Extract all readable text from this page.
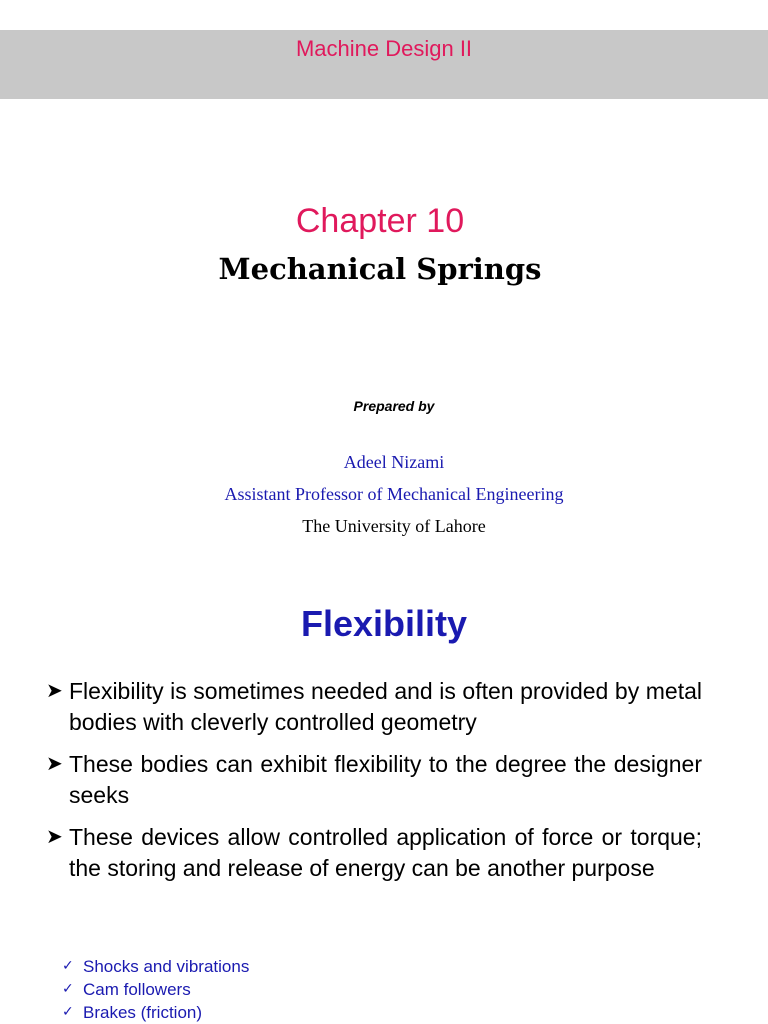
Machine Design II
Chapter 10
Mechanical Springs
Prepared by
Adeel Nizami
Assistant Professor of Mechanical Engineering
The University of Lahore
Flexibility
➤ Flexibility is sometimes needed and is often provided by metal bodies with cleverly controlled geometry
➤ These bodies can exhibit flexibility to the degree the designer seeks
➤ These devices allow controlled application of force or torque; the storing and release of energy can be another purpose
✓ Shocks and vibrations
✓ Cam followers
✓ Brakes (friction)
